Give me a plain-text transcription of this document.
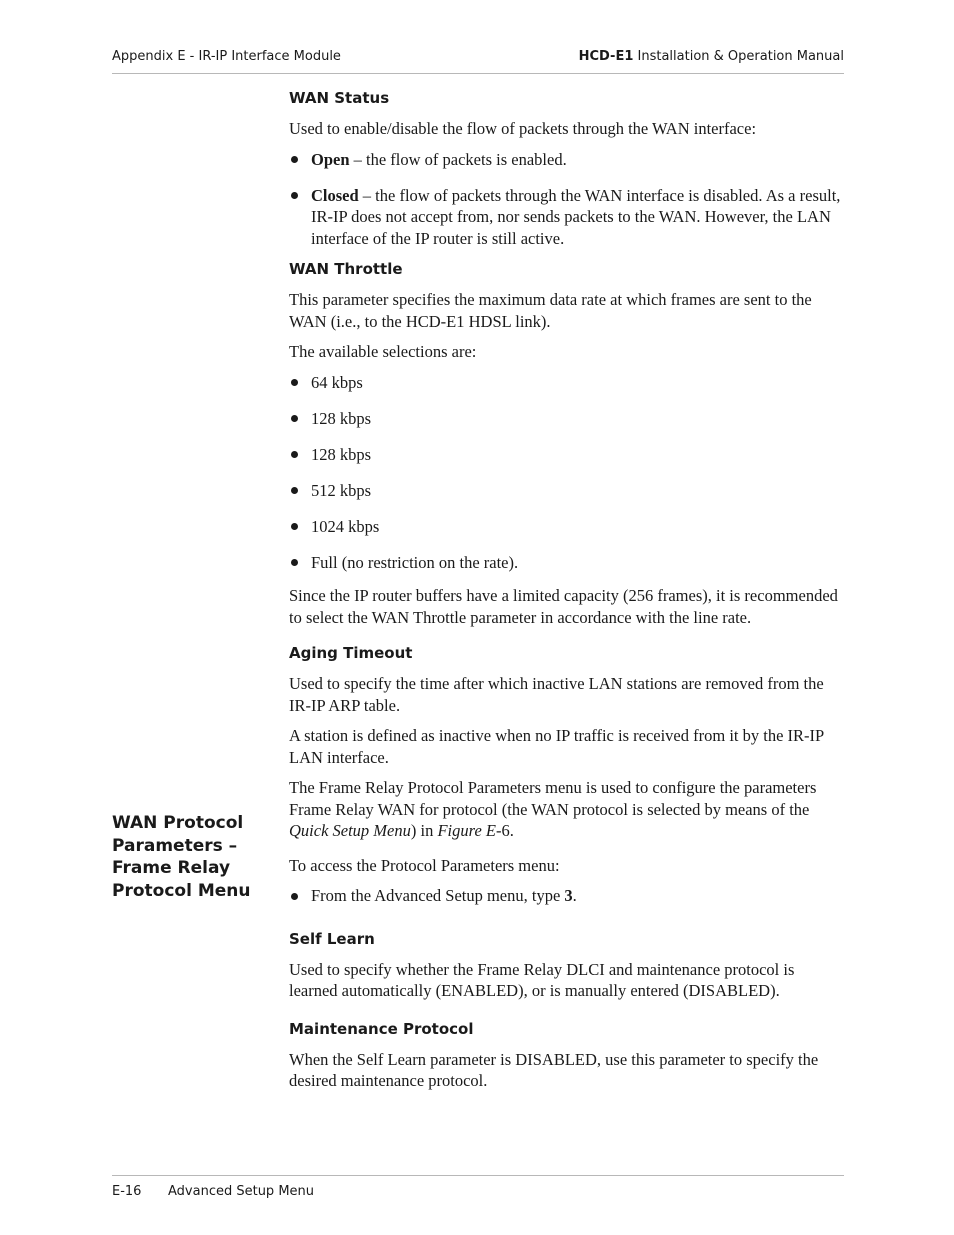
Appendix E - IR-IP Interface Module	HCD-E1 Installation & Operation Manual
WAN Protocol
Parameters –
Frame Relay
Protocol Menu
WAN Status

Used to enable/disable the flow of packets through the WAN interface:

Open – the flow of packets is enabled.
Closed – the flow of packets through the WAN interface is disabled. As a result, IR-IP does not accept from, nor sends packets to the WAN. However, the LAN interface of the IP router is still active.
WAN Throttle

This parameter specifies the maximum data rate at which frames are sent to the WAN (i.e., to the HCD-E1 HDSL link).

The available selections are:

64 kbps
128 kbps
128 kbps
512 kbps
1024 kbps
Full (no restriction on the rate).

Since the IP router buffers have a limited capacity (256 frames), it is recommended to select the WAN Throttle parameter in accordance with the line rate.

Aging Timeout

Used to specify the time after which inactive LAN stations are removed from the IR-IP ARP table.

A station is defined as inactive when no IP traffic is received from it by the IR-IP LAN interface.

The Frame Relay Protocol Parameters menu is used to configure the parameters Frame Relay WAN for protocol (the WAN protocol is selected by means of the Quick Setup Menu) in Figure E-6.

To access the Protocol Parameters menu:

From the Advanced Setup menu, type 3.
Self Learn

Used to specify whether the Frame Relay DLCI and maintenance protocol is learned automatically (ENABLED), or is manually entered (DISABLED).

Maintenance Protocol

When the Self Learn parameter is DISABLED, use this parameter to specify the desired maintenance protocol.

E-16 Advanced Setup Menu
